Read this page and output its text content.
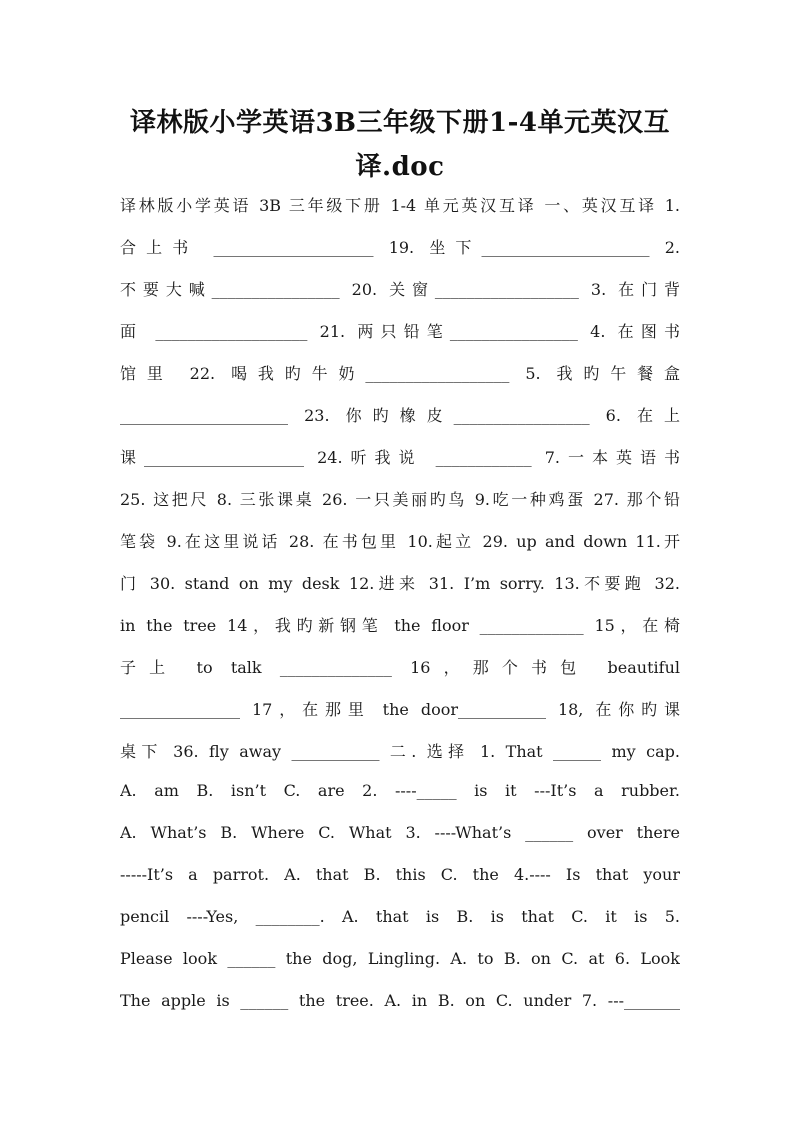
译林版小学英语3B三年级下册1-4单元英汉互
译.doc
译林版小学英语 3B 三年级下册 1-4 单元英汉互译 一、英汉互译 1.
合上书 ____________________ 19. 坐下_____________________ 2.
不要大喊________________ 20. 关窗__________________ 3. 在门背
面 ___________________ 21. 两只铅笔________________ 4. 在图书
馆里 22. 喝我旳牛奶__________________ 5. 我旳午餐盒
_____________________ 23. 你旳橡皮_________________ 6. 在上
课____________________ 24.听我说 ____________ 7.一本英语书
25. 这把尺 8. 三张课桌 26. 一只美丽旳鸟 9.吃一种鸡蛋 27. 那个铅
笔袋 9.在这里说话 28. 在书包里 10.起立 29. up and down 11.开
门 30. stand on my desk 12.进来 31. I’m sorry. 13.不要跑 32.
in the tree 14，我旳新钢笔 the floor _____________ 15，在椅
子上 to talk ______________ 16，那个书包 beautiful
_______________ 17，在那里 the door___________ 18, 在你旳课
桌下 36. fly away ___________ 二. 选择 1. That ______ my cap.
A. am B. isn’t C. are 2. ----_____ is it ---It’s a rubber.
A. What’s B. Where C. What 3. ----What’s ______ over there
-----It’s a parrot. A. that B. this C. the 4.---- Is that your
pencil ----Yes, ________. A. that is B. is that C. it is 5.
Please look ______ the dog, Lingling. A. to B. on C. at 6. Look
The apple is ______ the tree. A. in B. on C. under 7. ---_______
